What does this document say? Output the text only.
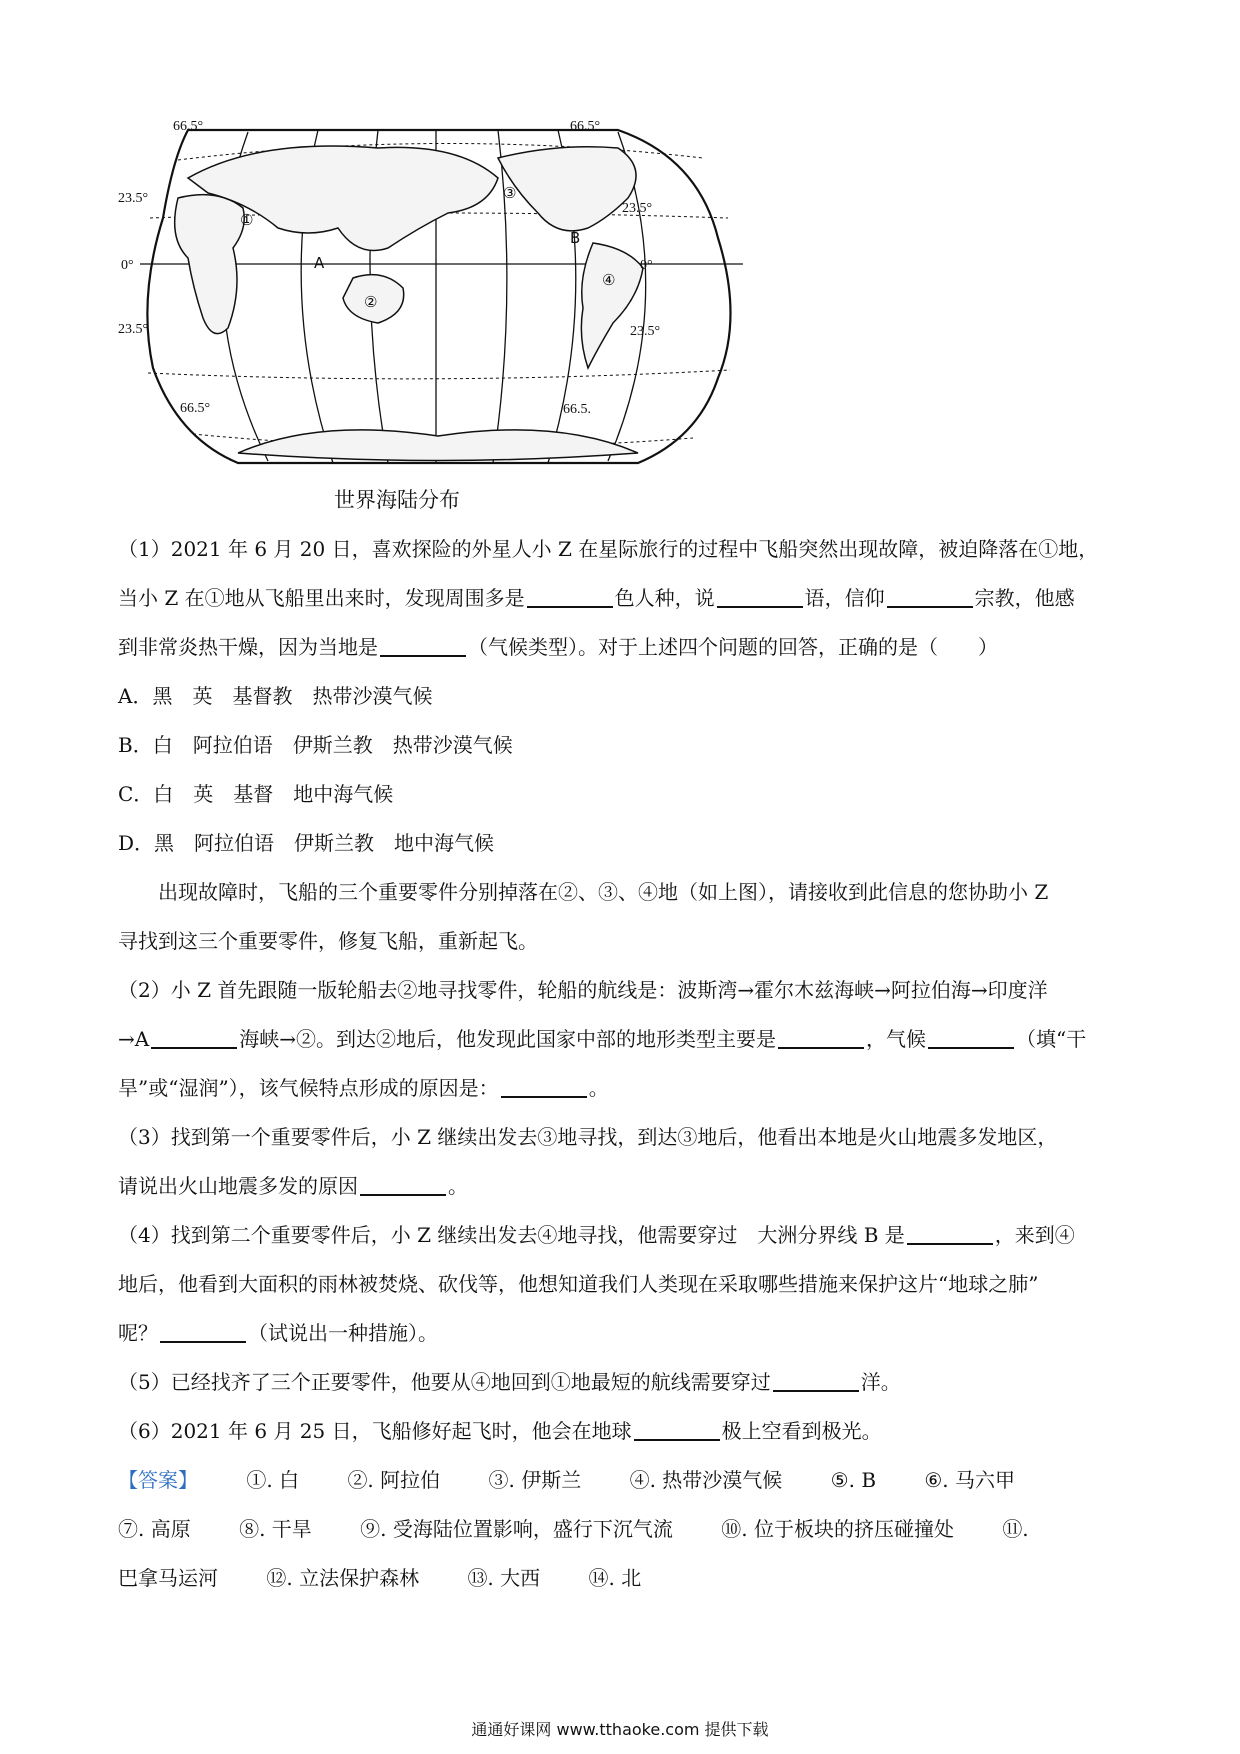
66.5°	66.5°
23.5°
23.5°
0°	0°
23.5°	23.5°
66.5°	66.5.
①
②
③
④
A
B
世界海陆分布

（1）2021 年 6 月 20 日，喜欢探险的外星人小 Z 在星际旅行的过程中飞船突然出现故障，被迫降落在①地，

当小 Z 在①地从飞船里出来时，发现周围多是	色人种，说	语，信仰	宗教，他感

到非常炎热干燥，因为当地是	（气候类型）。对于上述四个问题的回答，正确的是（　　）

A．黑　英　基督教　热带沙漠气候

B．白　阿拉伯语　伊斯兰教　热带沙漠气候

C．白　英　基督　地中海气候

D．黑　阿拉伯语　伊斯兰教　地中海气候

出现故障时，飞船的三个重要零件分别掉落在②、③、④地（如上图），请接收到此信息的您协助小 Z

寻找到这三个重要零件，修复飞船，重新起飞。

（2）小 Z 首先跟随一版轮船去②地寻找零件，轮船的航线是：波斯湾→霍尔木兹海峡→阿拉伯海→印度洋

→A	海峡→②。到达②地后，他发现此国家中部的地形类型主要是	，气候	（填“干

旱”或“湿润”），该气候特点形成的原因是：	。

（3）找到第一个重要零件后，小 Z 继续出发去③地寻找，到达③地后，他看出本地是火山地震多发地区，

请说出火山地震多发的原因	。

（4）找到第二个重要零件后，小 Z 继续出发去④地寻找，他需要穿过　大洲分界线 B 是	，来到④

地后，他看到大面积的雨林被焚烧、砍伐等，他想知道我们人类现在采取哪些措施来保护这片“地球之肺”

呢？	（试说出一种措施）。

（5）已经找齐了三个正要零件，他要从④地回到①地最短的航线需要穿过	洋。

（6）2021 年 6 月 25 日，飞船修好起飞时，他会在地球	极上空看到极光。

【答案】 ①. 白 ②. 阿拉伯 ③. 伊斯兰 ④. 热带沙漠气候 ⑤. B ⑥. 马六甲

⑦. 高原 ⑧. 干旱 ⑨. 受海陆位置影响，盛行下沉气流 ⑩. 位于板块的挤压碰撞处 ⑪.

巴拿马运河 ⑫. 立法保护森林 ⑬. 大西 ⑭. 北

通通好课网 www.tthaoke.com 提供下载
